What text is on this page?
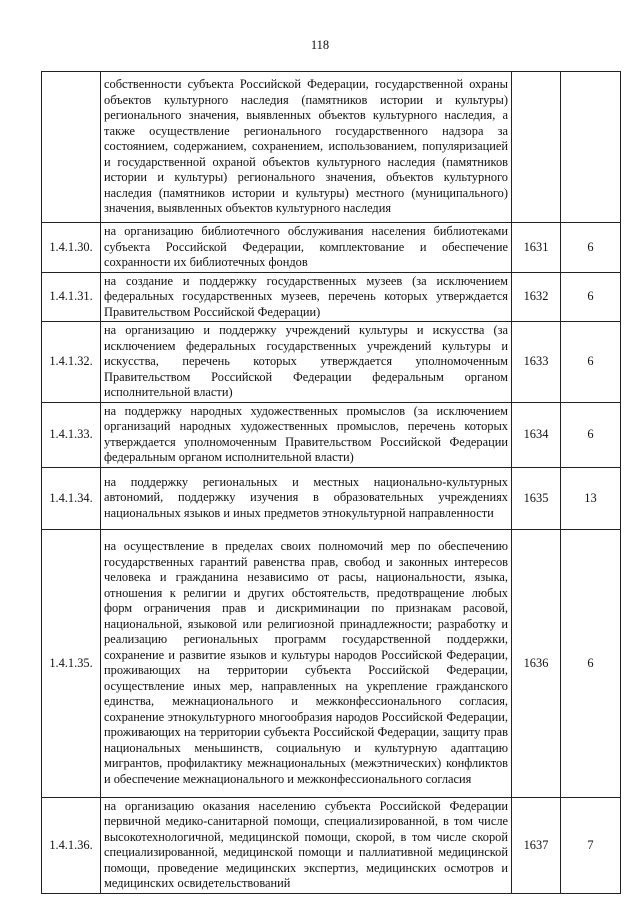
118

	собственности субъекта Российской Федерации, государственной охраны объектов культурного наследия (памятников истории и культуры) регионального значения, выявленных объектов культурного наследия, а также осуществление регионального государственного надзора за состоянием, содержанием, сохранением, использованием, популяризацией и государственной охраной объектов культурного наследия (памятников истории и культуры) регионального значения, объектов культурного наследия (памятников истории и культуры) местного (муниципального) значения, выявленных объектов культурного наследия		

1.4.1.30.	на организацию библиотечного обслуживания населения библиотеками субъекта Российской Федерации, комплектование и обеспечение сохранности их библиотечных фондов	1631	6
1.4.1.31.	на создание и поддержку государственных музеев (за исключением федеральных государственных музеев, перечень которых утверждается Правительством Российской Федерации)	1632	6
1.4.1.32.	на организацию и поддержку учреждений культуры и искусства (за исключением федеральных государственных учреждений культуры и искусства, перечень которых утверждается уполномоченным Правительством Российской Федерации федеральным органом исполнительной власти)	1633	6
1.4.1.33.	на поддержку народных художественных промыслов (за исключением организаций народных художественных промыслов, перечень которых утверждается уполномоченным Правительством Российской Федерации федеральным органом исполнительной власти)	1634	6
1.4.1.34.	на поддержку региональных и местных национально-культурных автономий, поддержку изучения в образовательных учреждениях национальных языков и иных предметов этнокультурной направленности	1635	13
1.4.1.35.	на осуществление в пределах своих полномочий мер по обеспечению государственных гарантий равенства прав, свобод и законных интересов человека и гражданина независимо от расы, национальности, языка, отношения к религии и других обстоятельств, предотвращение любых форм ограничения прав и дискриминации по признакам расовой, национальной, языковой или религиозной принадлежности; разработку и реализацию региональных программ государственной поддержки, сохранение и развитие языков и культуры народов Российской Федерации, проживающих на территории субъекта Российской Федерации, осуществление иных мер, направленных на укрепление гражданского единства, межнационального и межконфессионального согласия, сохранение этнокультурного многообразия народов Российской Федерации, проживающих на территории субъекта Российской Федерации, защиту прав национальных меньшинств, социальную и культурную адаптацию мигрантов, профилактику межнациональных (межэтнических) конфликтов и обеспечение межнационального и межконфессионального согласия	1636	6
1.4.1.36.	на организацию оказания населению субъекта Российской Федерации первичной медико-санитарной помощи, специализированной, в том числе высокотехнологичной, медицинской помощи, скорой, в том числе скорой специализированной, медицинской помощи и паллиативной медицинской помощи, проведение медицинских экспертиз, медицинских осмотров и медицинских освидетельствований	1637	7
